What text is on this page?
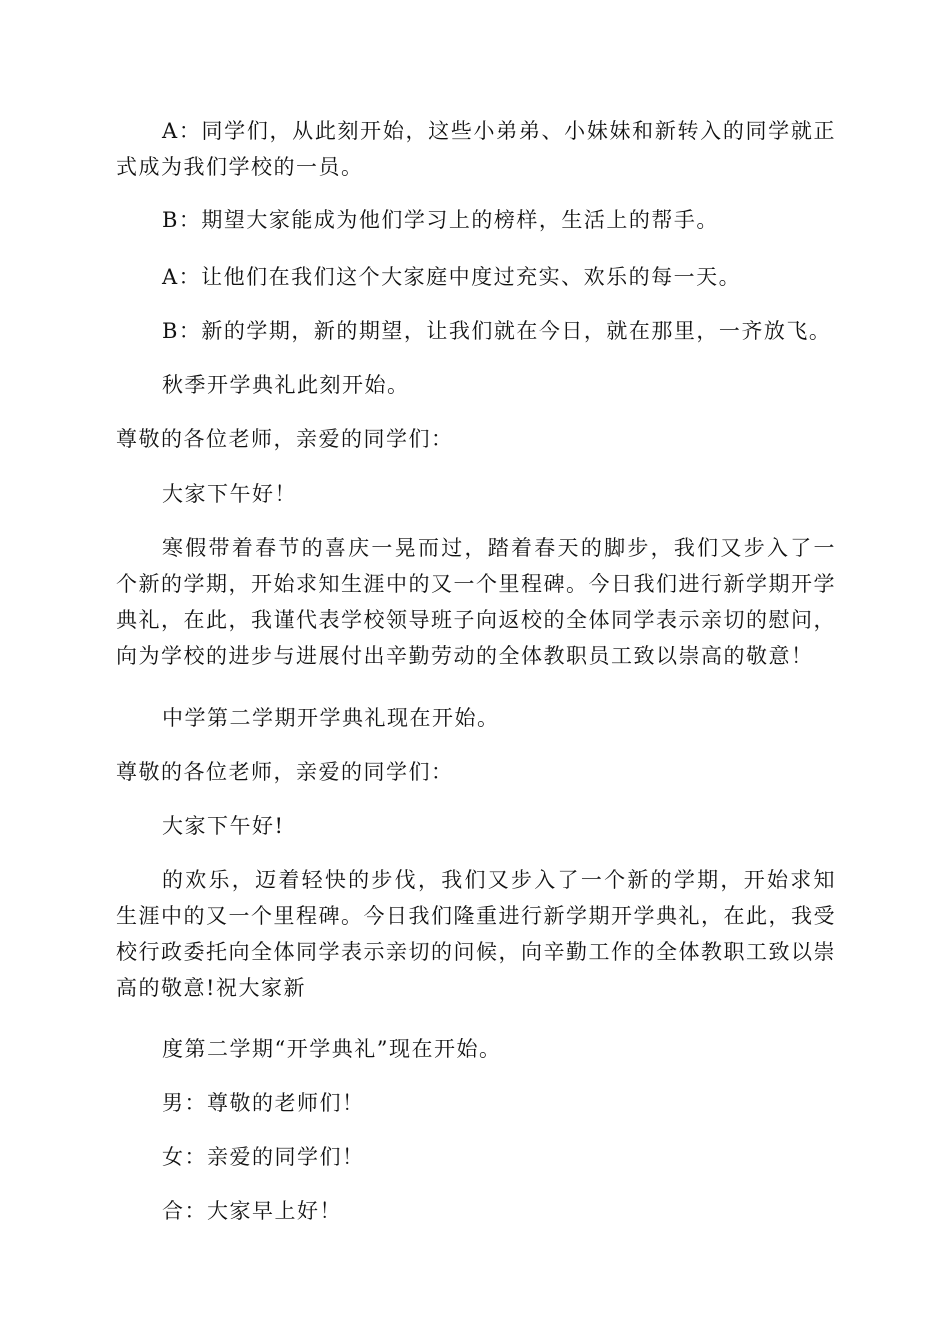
A：同学们，从此刻开始，这些小弟弟、小妹妹和新转入的同学就正式成为我们学校的一员。

B：期望大家能成为他们学习上的榜样，生活上的帮手。

A：让他们在我们这个大家庭中度过充实、欢乐的每一天。

B：新的学期，新的期望，让我们就在今日，就在那里，一齐放飞。

秋季开学典礼此刻开始。

尊敬的各位老师，亲爱的同学们：

大家下午好！

寒假带着春节的喜庆一晃而过，踏着春天的脚步，我们又步入了一个新的学期，开始求知生涯中的又一个里程碑。今日我们进行新学期开学典礼，在此，我谨代表学校领导班子向返校的全体同学表示亲切的慰问，向为学校的进步与进展付出辛勤劳动的全体教职员工致以崇高的敬意！

中学第二学期开学典礼现在开始。

尊敬的各位老师，亲爱的同学们：

大家下午好!

的欢乐，迈着轻快的步伐，我们又步入了一个新的学期，开始求知生涯中的又一个里程碑。今日我们隆重进行新学期开学典礼，在此，我受校行政委托向全体同学表示亲切的问候，向辛勤工作的全体教职工致以崇高的敬意!祝大家新

度第二学期“开学典礼”现在开始。

男：尊敬的老师们！

女：亲爱的同学们！

合：大家早上好！
